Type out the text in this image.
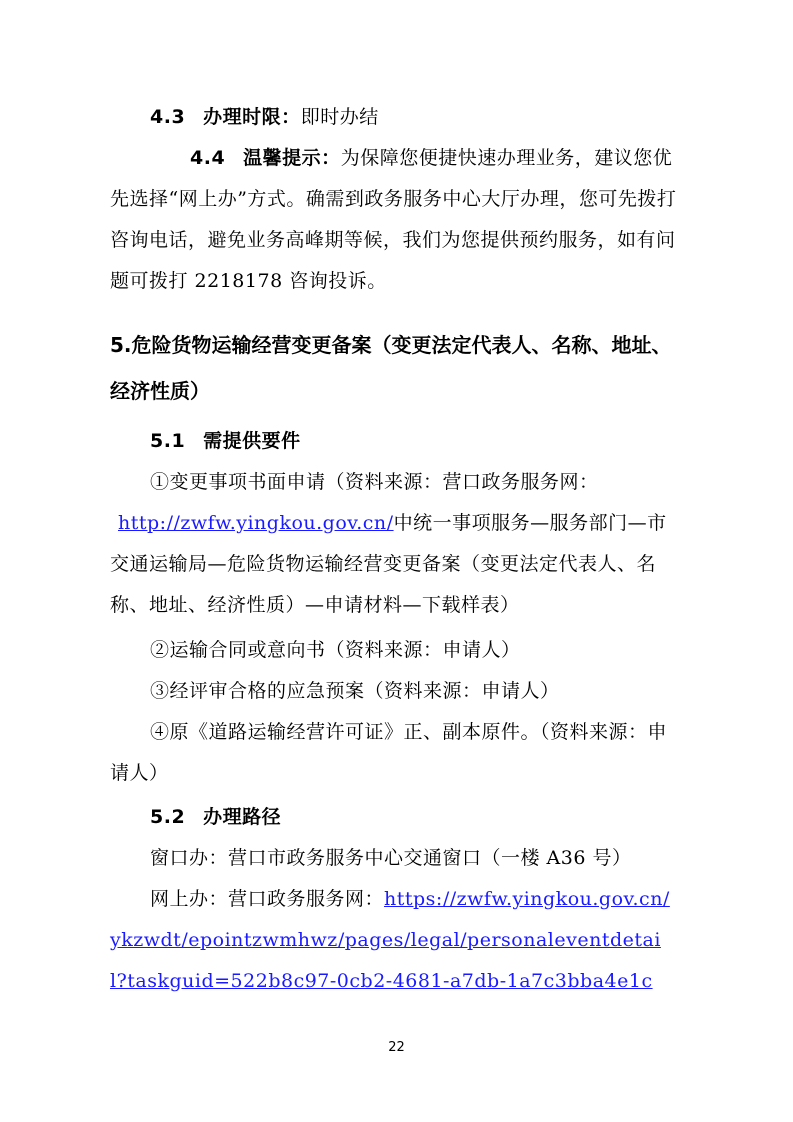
4.3 办理时限：即时办结

4.4 温馨提示：为保障您便捷快速办理业务，建议您优先选择“网上办”方式。确需到政务服务中心大厅办理，您可先拨打咨询电话，避免业务高峰期等候，我们为您提供预约服务，如有问题可拨打 2218178 咨询投诉。

5.危险货物运输经营变更备案（变更法定代表人、名称、地址、经济性质）

5.1 需提供要件

①变更事项书面申请（资料来源：营口政务服务网：
http://zwfw.yingkou.gov.cn/中统一事项服务—服务部门—市交通运输局—危险货物运输经营变更备案（变更法定代表人、名称、地址、经济性质）—申请材料—下载样表）

②运输合同或意向书（资料来源：申请人）
③经评审合格的应急预案（资料来源：申请人）

④原《道路运输经营许可证》正、副本原件。（资料来源：申请人）

5.2 办理路径

窗口办：营口市政务服务中心交通窗口（一楼 A36 号）

网上办：营口政务服务网：https://zwfw.yingkou.gov.cn/ykzwdt/epointzwmhwz/pages/legal/personaleventdetail?taskguid=522b8c97-0cb2-4681-a7db-1a7c3bba4e1c

22
